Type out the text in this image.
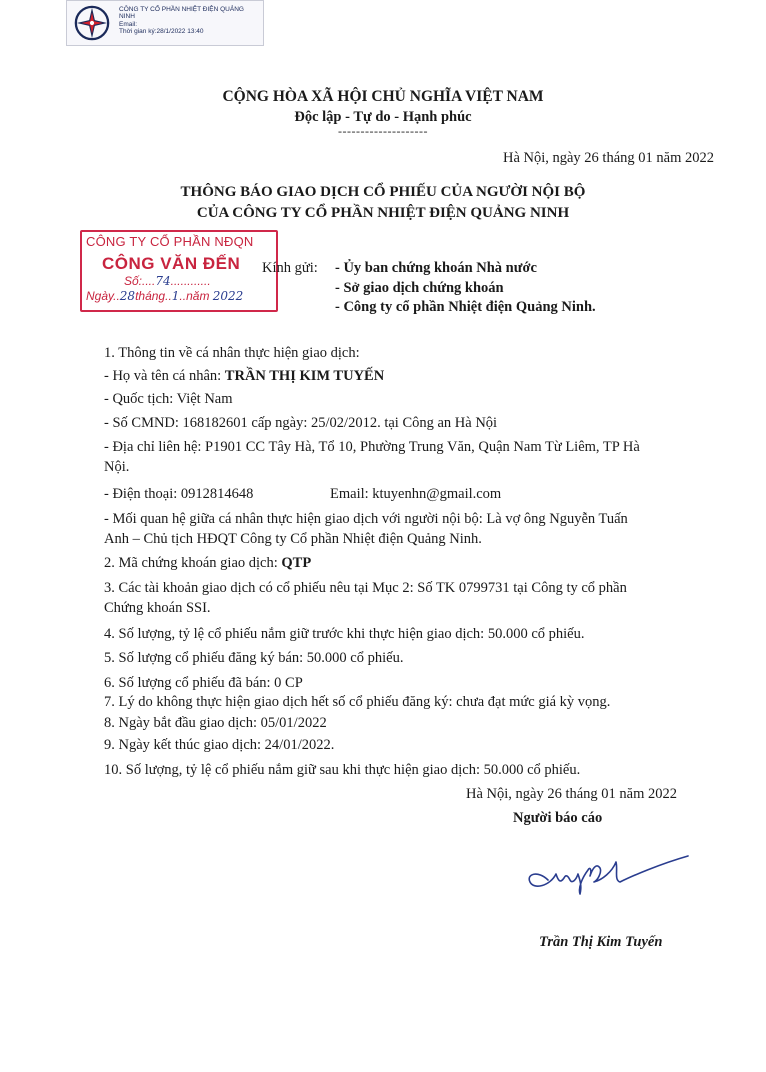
CÔNG TY CỔ PHẦN NHIỆT ĐIỆN QUẢNG NINH
Email:
Thời gian ký:28/1/2022 13:40
CỘNG HÒA XÃ HỘI CHỦ NGHĨA VIỆT NAM
Độc lập - Tự do - Hạnh phúc
--------------------
Hà Nội, ngày 26 tháng 01 năm 2022
THÔNG BÁO GIAO DỊCH CỔ PHIẾU CỦA NGƯỜI NỘI BỘ
CỦA CÔNG TY CỔ PHẦN NHIỆT ĐIỆN QUẢNG NINH
CÔNG TY CỔ PHẦN NĐQN
CÔNG VĂN ĐẾN
Số:....74............
Ngày..28tháng..1..năm 2022
Kính gửi: - Ủy ban chứng khoán Nhà nước
- Sở giao dịch chứng khoán
- Công ty cổ phần Nhiệt điện Quảng Ninh.
1. Thông tin về cá nhân thực hiện giao dịch:
- Họ và tên cá nhân: TRẦN THỊ KIM TUYẾN
- Quốc tịch: Việt Nam
- Số CMND: 168182601 cấp ngày: 25/02/2012. tại Công an Hà Nội
- Địa chỉ liên hệ: P1901 CC Tây Hà, Tổ 10, Phường Trung Văn, Quận Nam Từ Liêm, TP Hà
Nội.
- Điện thoại: 0912814648	Email: ktuyenhn@gmail.com
- Mối quan hệ giữa cá nhân thực hiện giao dịch với người nội bộ: Là vợ ông Nguyễn Tuấn
Anh – Chủ tịch HĐQT Công ty Cổ phần Nhiệt điện Quảng Ninh.
2. Mã chứng khoán giao dịch: QTP
3. Các tài khoản giao dịch có cổ phiếu nêu tại Mục 2: Số TK 0799731 tại Công ty cổ phần
Chứng khoán SSI.
4. Số lượng, tỷ lệ cổ phiếu nắm giữ trước khi thực hiện giao dịch: 50.000 cổ phiếu.
5. Số lượng cổ phiếu đăng ký bán: 50.000 cổ phiếu.
6. Số lượng cổ phiếu đã bán: 0 CP
7. Lý do không thực hiện giao dịch hết số cổ phiếu đăng ký: chưa đạt mức giá kỳ vọng.
8. Ngày bắt đầu giao dịch: 05/01/2022
9. Ngày kết thúc giao dịch: 24/01/2022.
10. Số lượng, tỷ lệ cổ phiếu nắm giữ sau khi thực hiện giao dịch: 50.000 cổ phiếu.
Hà Nội, ngày 26 tháng 01 năm 2022
Người báo cáo
Trần Thị Kim Tuyến
